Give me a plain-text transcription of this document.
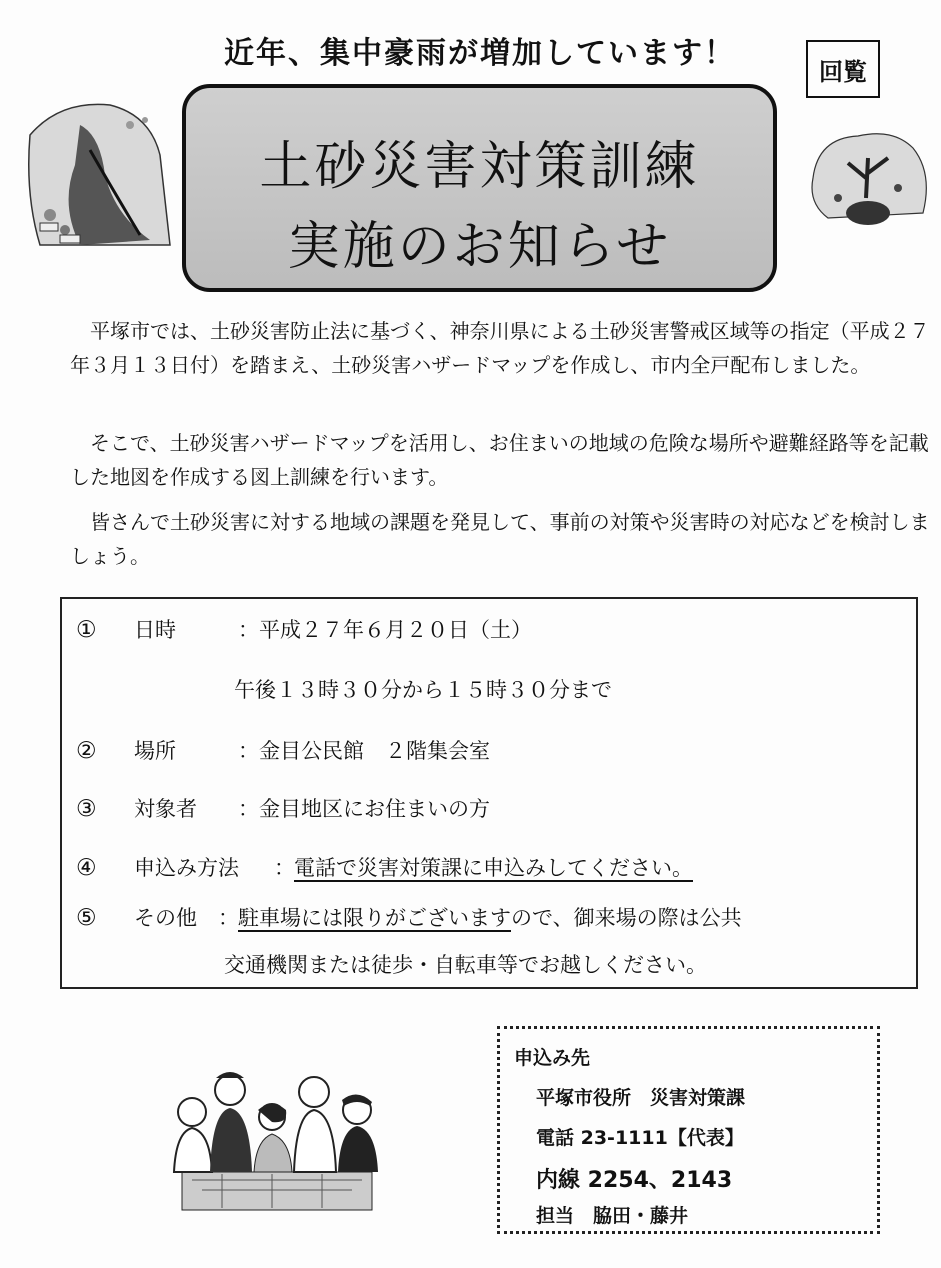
近年、集中豪雨が増加しています！
回覧
土砂災害対策訓練
実施のお知らせ
平塚市では、土砂災害防止法に基づく、神奈川県による土砂災害警戒区域等の指定（平成２７年３月１３日付）を踏まえ、土砂災害ハザードマップを作成し、市内全戸配布しました。
そこで、土砂災害ハザードマップを活用し、お住まいの地域の危険な場所や避難経路等を記載した地図を作成する図上訓練を行います。
皆さんで土砂災害に対する地域の課題を発見して、事前の対策や災害時の対応などを検討しましょう。
①	日時	：平成２７年６月２０日（土）
午後１３時３０分から１５時３０分まで
②	場所	：金目公民館　２階集会室
③	対象者 ：金目地区にお住まいの方
④	申込み方法 ： 電話で災害対策課に申込みしてください。
⑤	その他 ： 駐車場には限りがございますので、御来場の際は公共
交通機関または徒歩・自転車等でお越しください。
申込み先
平塚市役所　災害対策課
電話 23-1111【代表】
内線 2254、2143
担当　脇田・藤井
